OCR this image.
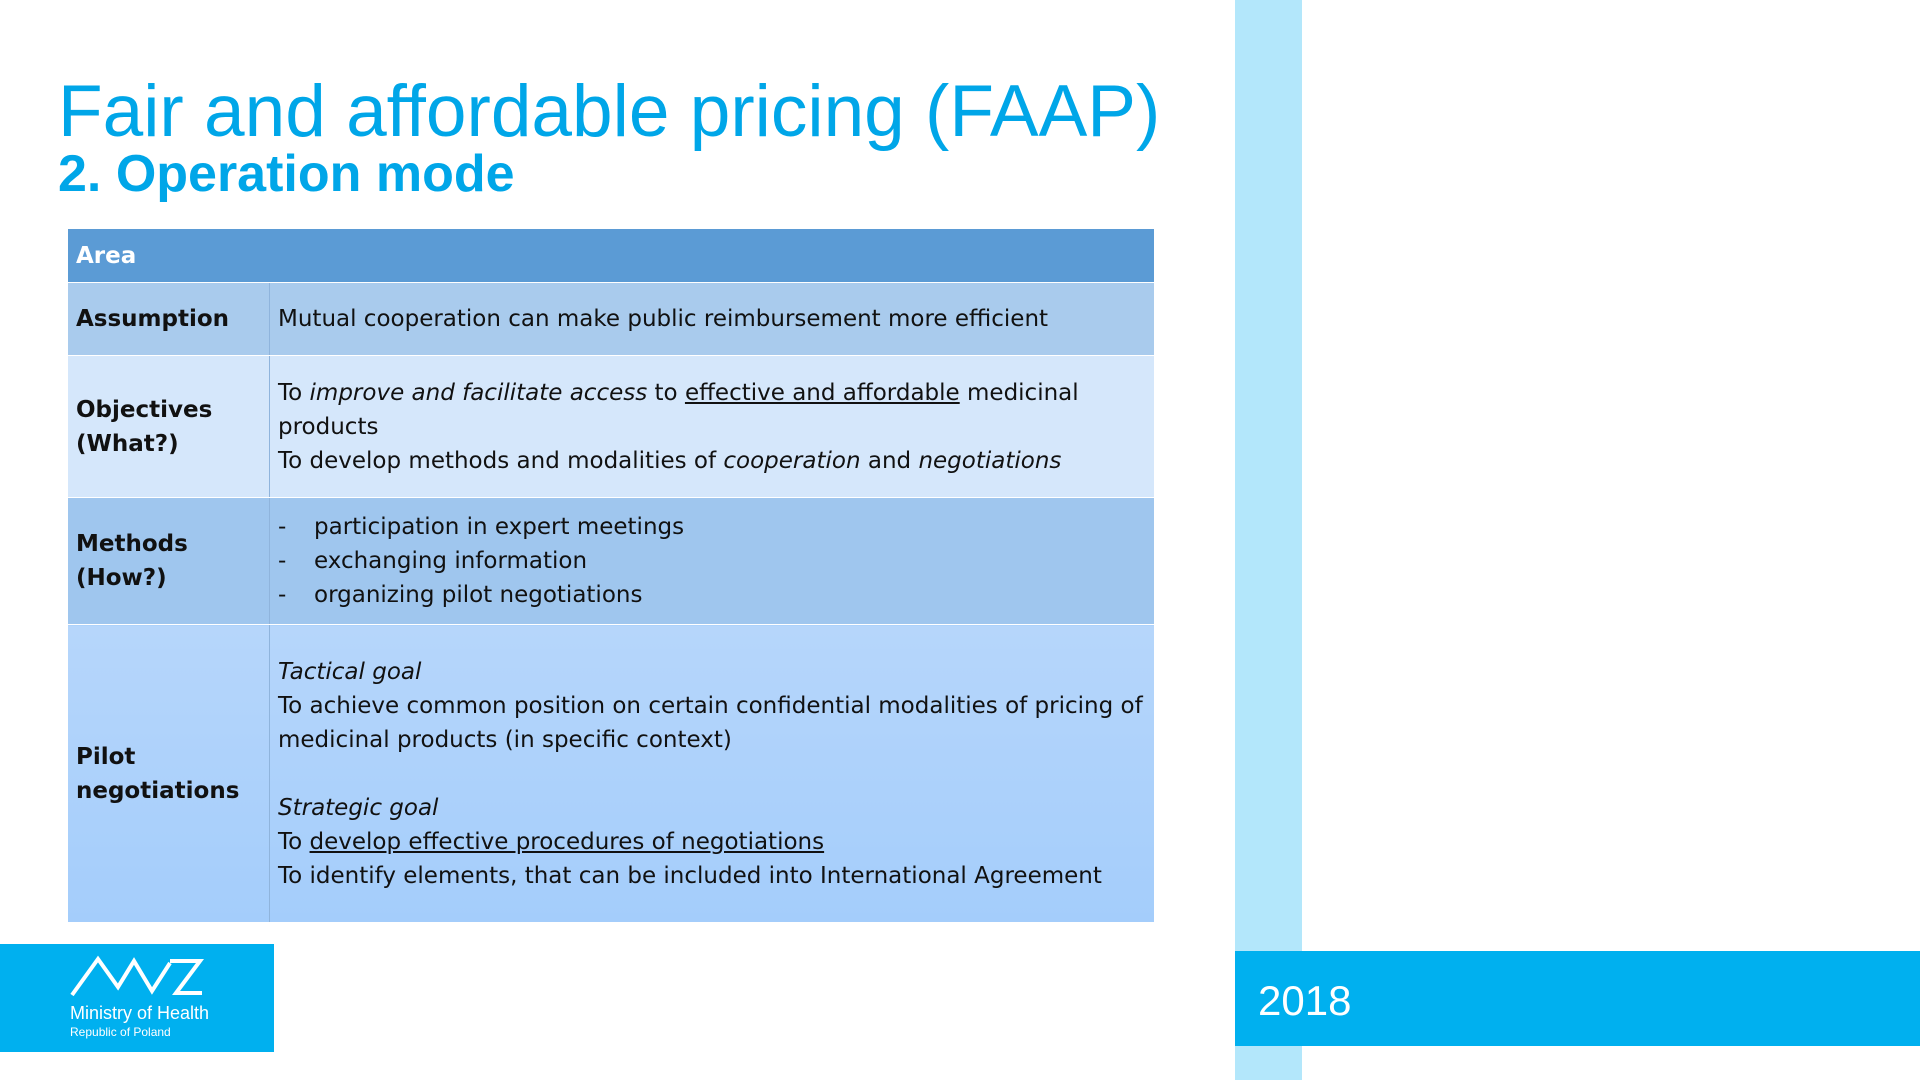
2018
Fair and affordable pricing (FAAP)
2. Operation mode
Area	
Assumption	Mutual cooperation can make public reimbursement more efficient

Objectives
(What?)	To improve and facilitate access to effective and affordable medicinal products
To develop methods and modalities of cooperation and negotiations

Methods
(How?)	- participation in expert meetings
- exchanging information
- organizing pilot negotiations

Pilot
negotiations	Tactical goal
To achieve common position on certain confidential modalities of pricing of medicinal products (in specific context)
Strategic goal
To develop effective procedures of negotiations
To identify elements, that can be included into International Agreement
Ministry of Health
Republic of Poland
